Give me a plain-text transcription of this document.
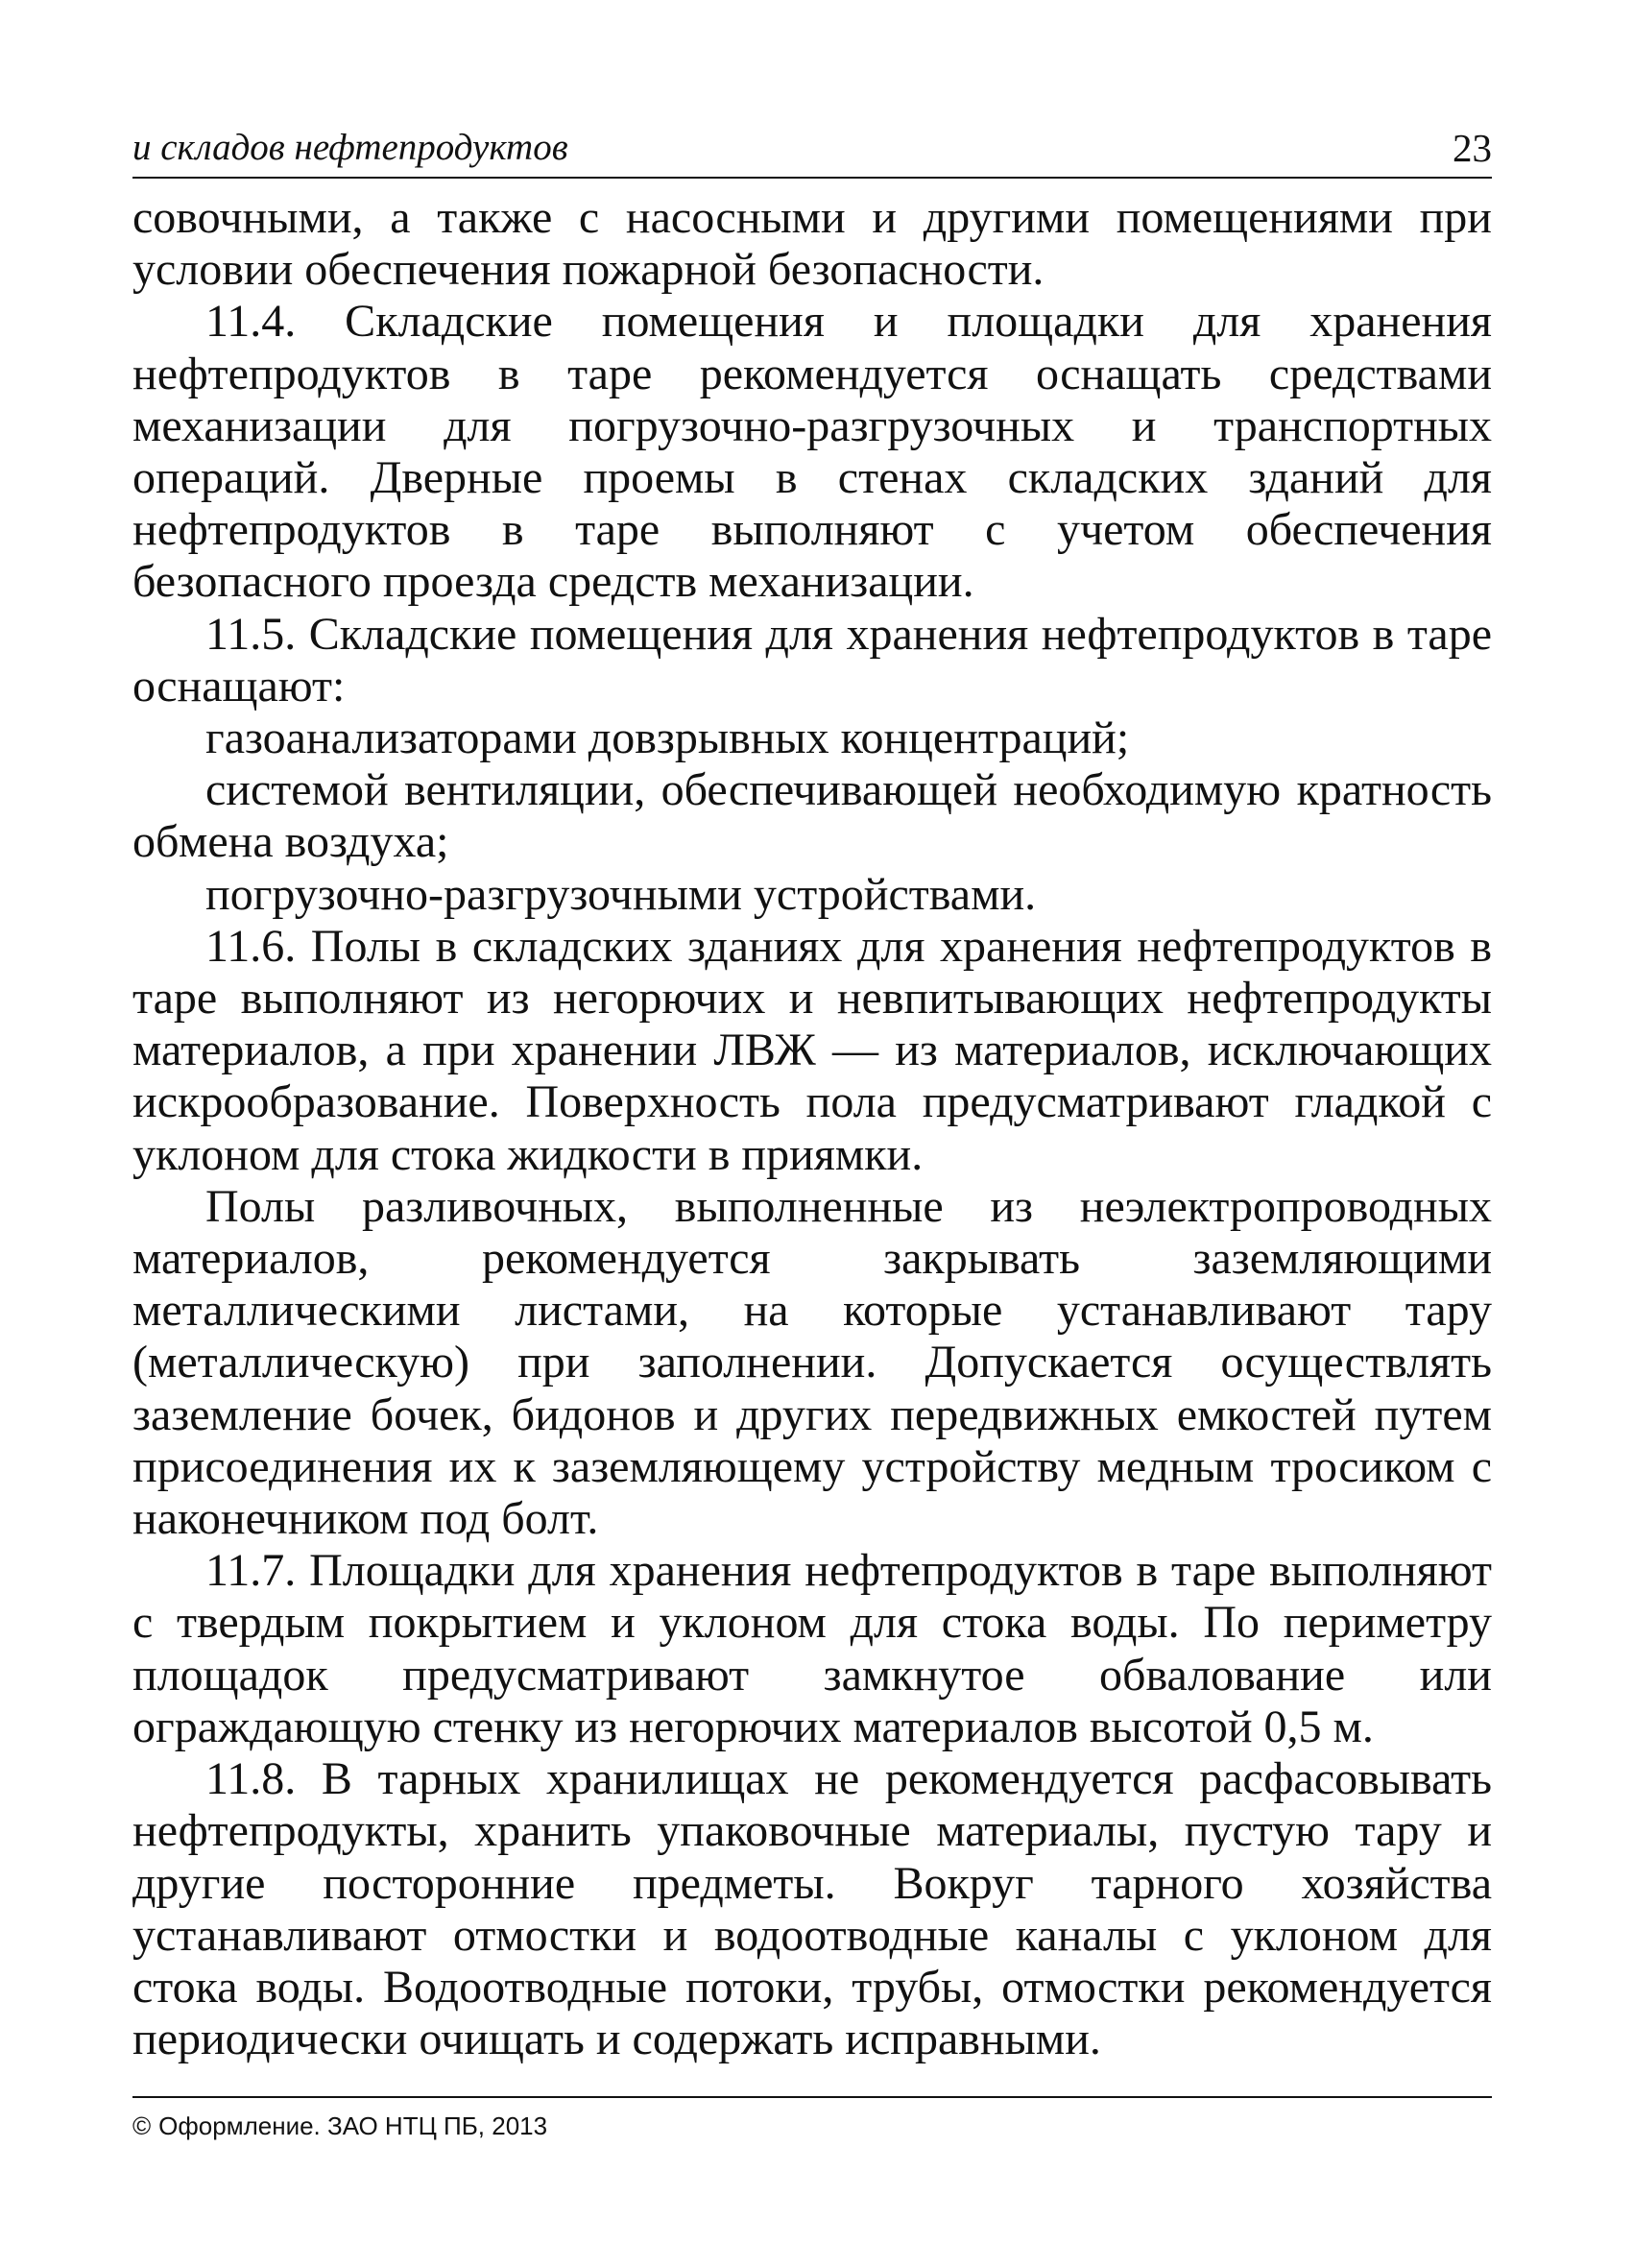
и складов нефтепродуктов	23

совочными, а также с насосными и другими помещениями при условии обеспечения пожарной безопасности.

11.4. Складские помещения и площадки для хранения нефтепродуктов в таре рекомендуется оснащать средствами механизации для погрузочно-разгрузочных и транспортных операций. Дверные проемы в стенах складских зданий для нефтепродуктов в таре выполняют с учетом обеспечения безопасного проезда средств механизации.

11.5. Складские помещения для хранения нефтепродуктов в таре оснащают:

газоанализаторами довзрывных концентраций;

системой вентиляции, обеспечивающей необходимую кратность обмена воздуха;

погрузочно-разгрузочными устройствами.

11.6. Полы в складских зданиях для хранения нефтепродуктов в таре выполняют из негорючих и невпитывающих нефтепродукты материалов, а при хранении ЛВЖ — из материалов, исключающих искрообразование. Поверхность пола предусматривают гладкой с уклоном для стока жидкости в приямки.

Полы разливочных, выполненные из неэлектропроводных материалов, рекомендуется закрывать заземляющими металлическими листами, на которые устанавливают тару (металлическую) при заполнении. Допускается осуществлять заземление бочек, бидонов и других передвижных емкостей путем присоединения их к заземляющему устройству медным тросиком с наконечником под болт.

11.7. Площадки для хранения нефтепродуктов в таре выполняют с твердым покрытием и уклоном для стока воды. По периметру площадок предусматривают замкнутое обвалование или ограждающую стенку из негорючих материалов высотой 0,5 м.

11.8. В тарных хранилищах не рекомендуется расфасовывать нефтепродукты, хранить упаковочные материалы, пустую тару и другие посторонние предметы. Вокруг тарного хозяйства устанавливают отмостки и водоотводные каналы с уклоном для стока воды. Водоотводные потоки, трубы, отмостки рекомендуется периодически очищать и содержать исправными.

© Оформление. ЗАО НТЦ ПБ, 2013
